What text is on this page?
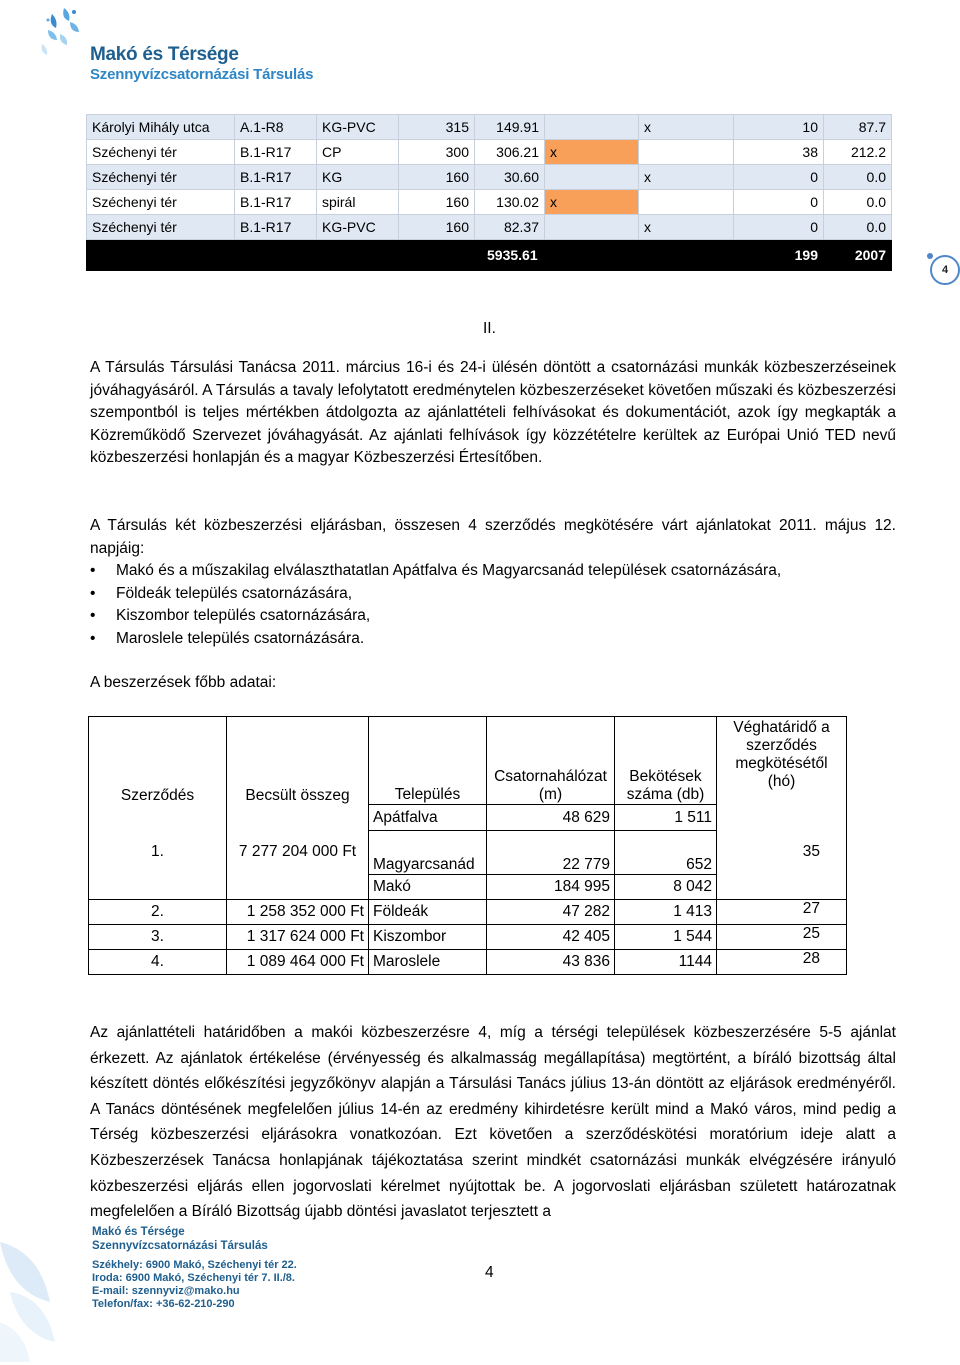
Makó és Térsége
Szennyvízcsatornázási Társulás
Károlyi Mihály utca	A.1-R8	KG-PVC	315	149.91		x	10	87.7
Széchenyi tér	B.1-R17	CP	300	306.21	x		38	212.2
Széchenyi tér	B.1-R17	KG	160	30.60		x	0	0.0
Széchenyi tér	B.1-R17	spirál	160	130.02	x		0	0.0
Széchenyi tér	B.1-R17	KG-PVC	160	82.37		x	0	0.0
				5935.61			199	2007
4
II.
A Társulás Társulási Tanácsa 2011. március 16-i és 24-i ülésén döntött a csatornázási munkák közbeszerzéseinek jóváhagyásáról. A Társulás a tavaly lefolytatott eredménytelen közbeszerzéseket követően műszaki és közbeszerzési szempontból is teljes mértékben átdolgozta az ajánlattételi felhívásokat és dokumentációt, azok így megkapták a Közreműködő Szervezet jóváhagyását. Az ajánlati felhívások így közzétételre kerültek az Európai Unió TED nevű közbeszerzési honlapján és a magyar Közbeszerzési Értesítőben.
A Társulás két közbeszerzési eljárásban, összesen 4 szerződés megkötésére várt ajánlatokat 2011. május 12. napjáig:
• Makó és a műszakilag elválaszthatatlan Apátfalva és Magyarcsanád települések csatornázására,
• Földeák település csatornázására,
• Kiszombor település csatornázására,
• Maroslele település csatornázására.
A beszerzések főbb adatai:
Szerződés	Becsült összeg	Település	Csatornahálózat (m)	Bekötések száma (db)	Véghatáridő a szerződés megkötésétől (hó)
1.	7 277 204 000 Ft	Apátfalva	48 629	1 511	35
		Magyarcsanád	22 779	652	
		Makó	184 995	8 042	
2.	1 258 352 000 Ft	Földeák	47 282	1 413	27
3.	1 317 624 000 Ft	Kiszombor	42 405	1 544	25
4.	1 089 464 000 Ft	Maroslele	43 836	1144	28
Az ajánlattételi határidőben a makói közbeszerzésre 4, míg a térségi települések közbeszerzésére 5-5 ajánlat érkezett. Az ajánlatok értékelése (érvényesség és alkalmasság megállapítása) megtörtént, a bíráló bizottság által készített döntés előkészítési jegyzőkönyv alapján a Társulási Tanács július 13-án döntött az eljárások eredményéről. A Tanács döntésének megfelelően július 14-én az eredmény kihirdetésre került mind a Makó város, mind pedig a Térség közbeszerzési eljárásokra vonatkozóan. Ezt követően a szerződéskötési moratórium ideje alatt a Közbeszerzések Tanácsa honlapjának tájékoztatása szerint mindkét csatornázási munkák elvégzésére irányuló közbeszerzési eljárás ellen jogorvoslati kérelmet nyújtottak be. A jogorvoslati eljárásban született határozatnak megfelelően a Bíráló Bizottság újabb döntési javaslatot terjesztett a
Makó és Térsége
Szennyvízcsatornázási Társulás
Székhely: 6900 Makó, Széchenyi tér 22.
Iroda: 6900 Makó, Széchenyi tér 7. II./8.
E-mail: szennyviz@mako.hu
Telefon/fax: +36-62-210-290
4
